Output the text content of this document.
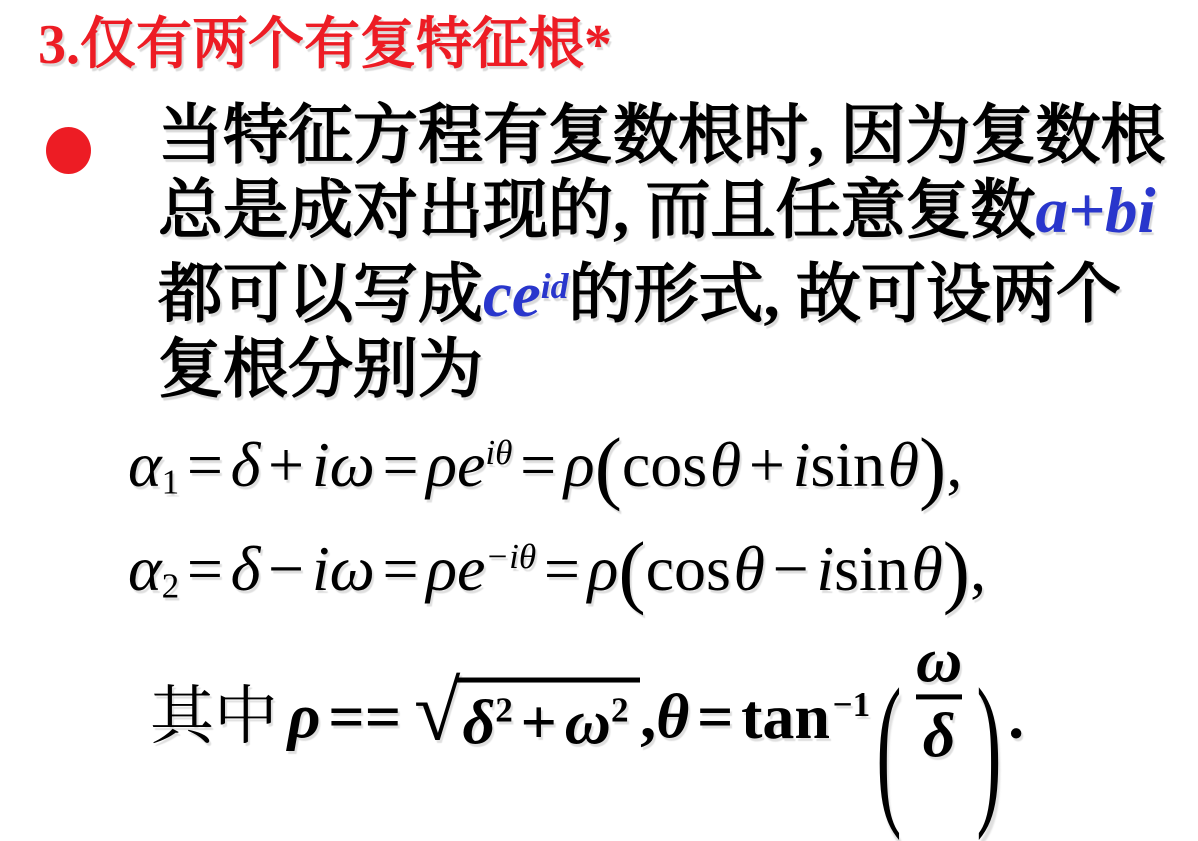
3.仅有两个有复特征根*
当特征方程有复数根时, 因为复数根
总是成对出现的, 而且任意复数a+bi
都可以写成$ce^{id}$的形式, 故可设两个
复根分别为
$\alpha_1 = \delta + i\omega = \rho e^{i\theta} = \rho(\cos\theta + isin\theta)$,
$\alpha_2 = \delta - i\omega = \rho e^{-i\theta} = \rho(\cos\theta - isin\theta)$,
其中 ρ == √ $\delta^2 + \omega^2$ $,\theta = \tan^{-1}( \frac{\omega}{\delta}$ ) .
